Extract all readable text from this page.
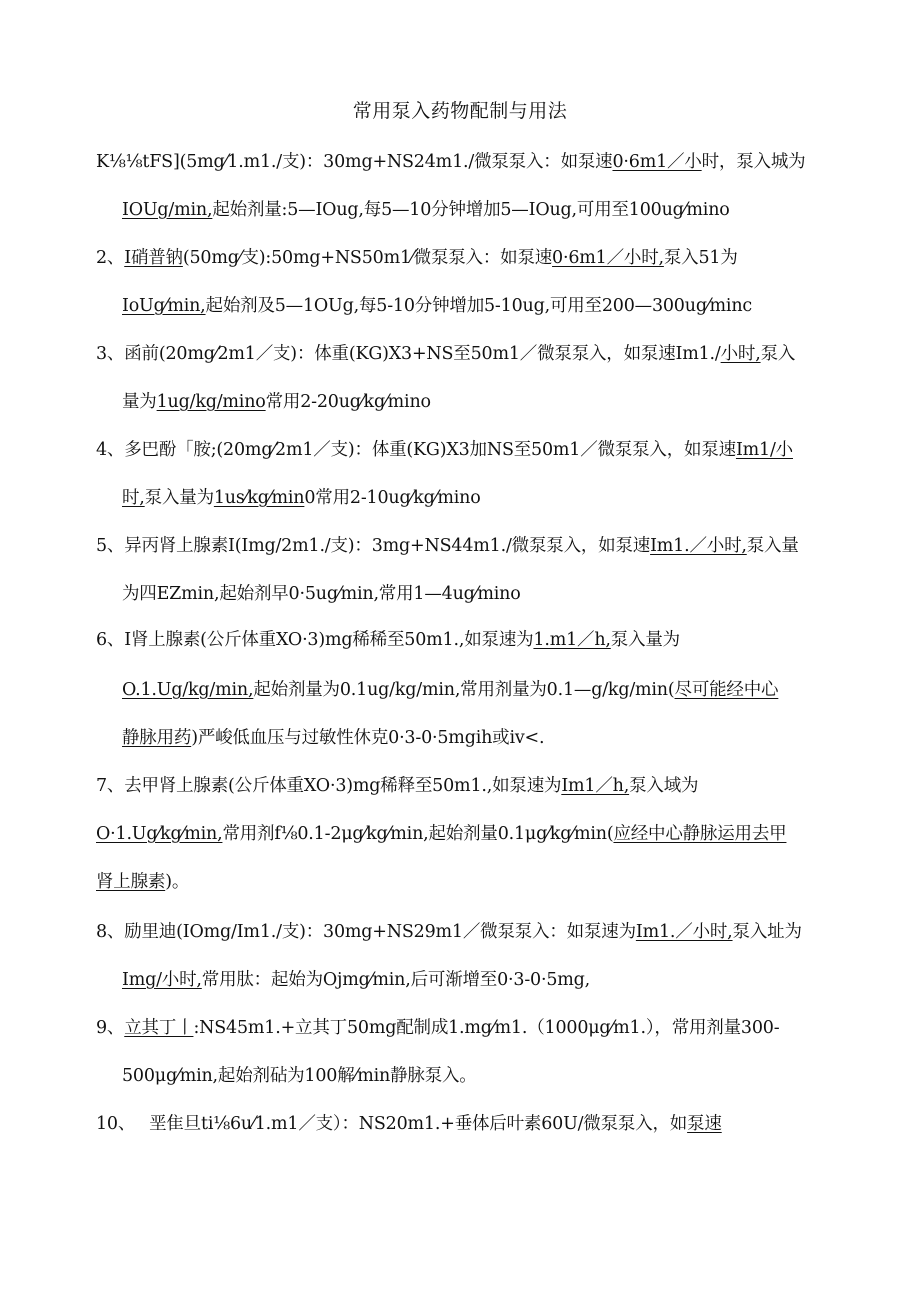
常用泵入药物配制与用法
K⅛⅛tFS](5mg⁄1.m1./支)：30mg+NS24m1./微泵泵入：如泵速0·6m1／小时，泵入城为
IOUg/min,起始剂量:5—IOug,每5—10分钟增加5—IOug,可用至100ug⁄mino
2、I硝普钠(50mg⁄支):50mg+NS50m1⁄微泵泵入：如泵速0·6m1／小时,泵入51为
IoUg⁄min,起始剂及5—1OUg,每5-10分钟增加5-10ug,可用至200—300ug⁄minc
3、函前(20mg⁄2m1／支)：体重(KG)X3+NS至50m1／微泵泵入，如泵速Im1./小时,泵入
量为1ug/kg/mino常用2-20ug⁄kg⁄mino
4、多巴酚「胺;(20mg⁄2m1／支)：体重(KG)X3加NS至50m1／微泵泵入，如泵速Im1/小
时,泵入量为1us⁄kg⁄min0常用2-10ug⁄kg⁄mino
5、异丙肾上腺素I(Img/2m1./支)：3mg+NS44m1./微泵泵入，如泵速Im1.／小时,泵入量
为四EZmin,起始剂早0·5ug⁄min,常用1—4ug⁄mino
6、I肾上腺素(公斤体重XO·3)mg稀稀至50m1.,如泵速为1.m1／h,泵入量为
O.1.Ug/kg/min,起始剂量为0.1ug/kg/min,常用剂量为0.1—g/kg/min(尽可能经中心
静脉用药)严峻低血压与过敏性休克0·3-0·5mgih或iv<.
7、去甲肾上腺素(公斤体重XO·3)mg稀释至50m1.,如泵速为Im1／h,泵入域为
O·1.Ug⁄kg⁄min,常用剂f⅛0.1-2μg⁄kg⁄min,起始剂量0.1μg⁄kg⁄min(应经中心静脉运用去甲
肾上腺素)。
8、励里迪(IOmg/Im1./支)：30mg+NS29m1／微泵泵入：如泵速为Im1.／小时,泵入址为
Img/小时,常用肽：起始为Ojmg⁄min,后可渐增至0·3-0·5mg,
9、立其丁丨:NS45m1.+立其丁50mg配制成1.mg⁄m1.（1000μg⁄m1.），常用剂量300-
500μg⁄min,起始剂砧为100解⁄min静脉泵入。
10、　 垩隹旦ti⅛6u⁄1.m1／支）：NS20m1.+垂体后叶素60U/微泵泵入，如泵速
